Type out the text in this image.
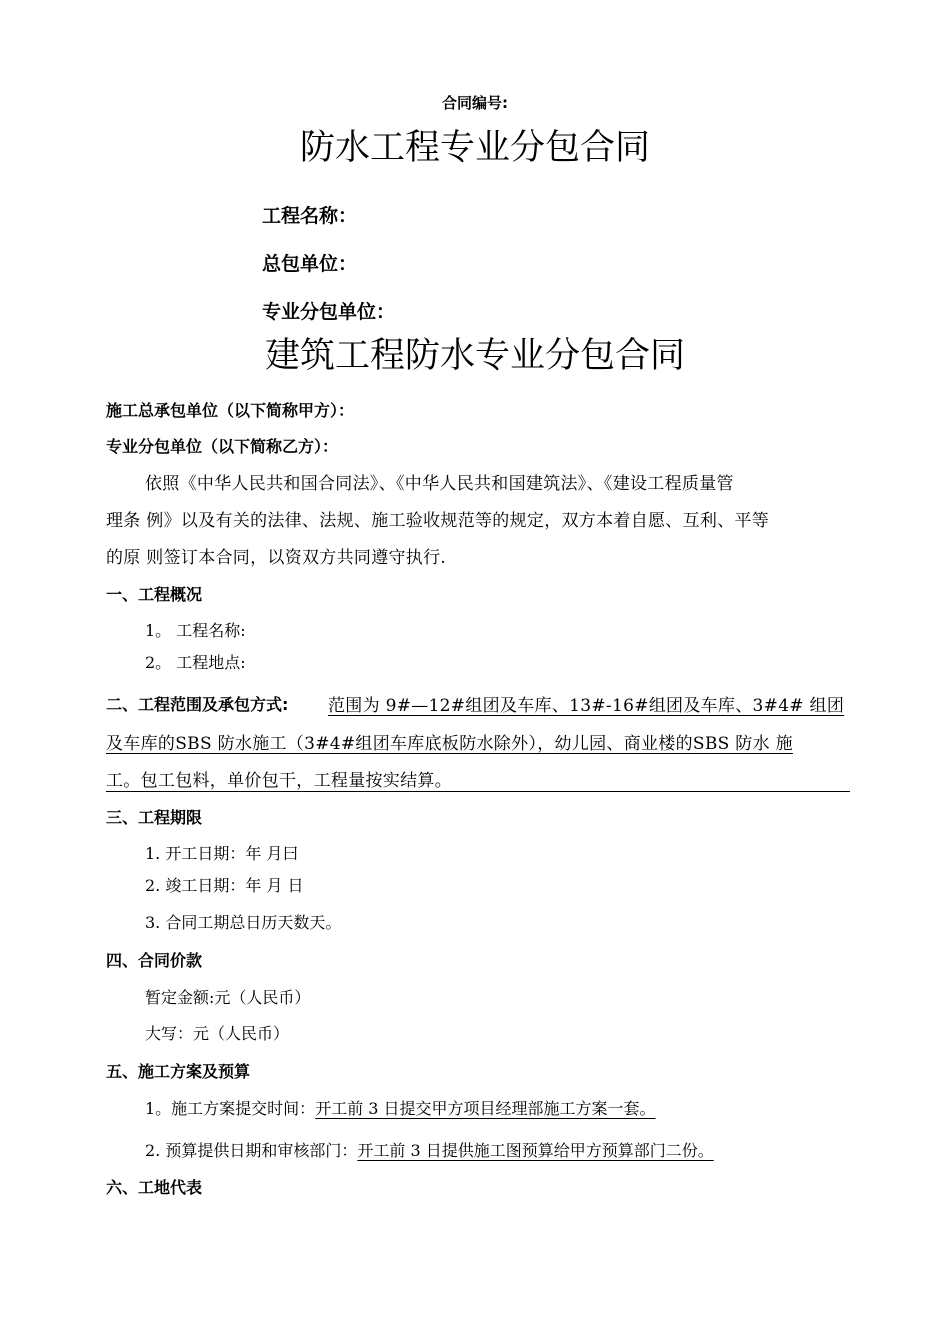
合同编号:
防水工程专业分包合同
工程名称：
总包单位：
专业分包单位：
建筑工程防水专业分包合同
施工总承包单位（以下简称甲方）：
专业分包单位（以下简称乙方）：
依照《中华人民共和国合同法》、《中华人民共和国建筑法》、《建设工程质量管
理条 例》以及有关的法律、法规、施工验收规范等的规定，双方本着自愿、互利、平等
的原 则签订本合同，以资双方共同遵守执行.
一、工程概况
1。 工程名称:
2。 工程地点:
二、工程范围及承包方式: 范围为 9#—12#组团及车库、13#-16#组团及车库、3#4# 组团
及车库的SBS 防水施工（3#4#组团车库底板防水除外），幼儿园、商业楼的SBS 防水 施
工。包工包料，单价包干，工程量按实结算。
三、工程期限
1. 开工日期：年 月曰
2. 竣工日期：年 月 日
3. 合同工期总日历天数天。
四、合同价款
暂定金额:元（人民币）
大写：元（人民币）
五、施工方案及预算
1。施工方案提交时间：开工前 3 日提交甲方项目经理部施工方案一套。
2. 预算提供日期和审核部门：开工前 3 日提供施工图预算给甲方预算部门二份。
六、工地代表
